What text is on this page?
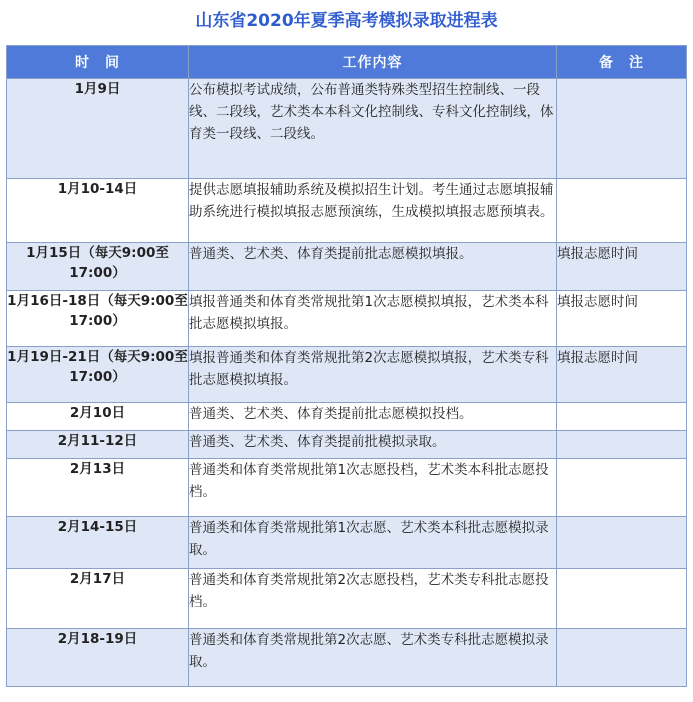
山东省2020年夏季高考模拟录取进程表
时　间	工作内容	备　注
1月9日	公布模拟考试成绩，公布普通类特殊类型招生控制线、一段线、二段线，艺术类本本科文化控制线、专科文化控制线，体育类一段线、二段线。	
1月10-14日	提供志愿填报辅助系统及模拟招生计划。考生通过志愿填报辅助系统进行模拟填报志愿预演练，生成模拟填报志愿预填表。	
1月15日（每天9:00至17:00）	普通类、艺术类、体育类提前批志愿模拟填报。	填报志愿时间
1月16日-18日（每天9:00至17:00）	填报普通类和体育类常规批第1次志愿模拟填报，艺术类本科批志愿模拟填报。	填报志愿时间
1月19日-21日（每天9:00至17:00）	填报普通类和体育类常规批第2次志愿模拟填报，艺术类专科批志愿模拟填报。	填报志愿时间
2月10日	普通类、艺术类、体育类提前批志愿模拟投档。	
2月11-12日	普通类、艺术类、体育类提前批模拟录取。	
2月13日	普通类和体育类常规批第1次志愿投档，艺术类本科批志愿投档。	
2月14-15日	普通类和体育类常规批第1次志愿、艺术类本科批志愿模拟录取。	
2月17日	普通类和体育类常规批第2次志愿投档，艺术类专科批志愿投档。	
2月18-19日	普通类和体育类常规批第2次志愿、艺术类专科批志愿模拟录取。	
